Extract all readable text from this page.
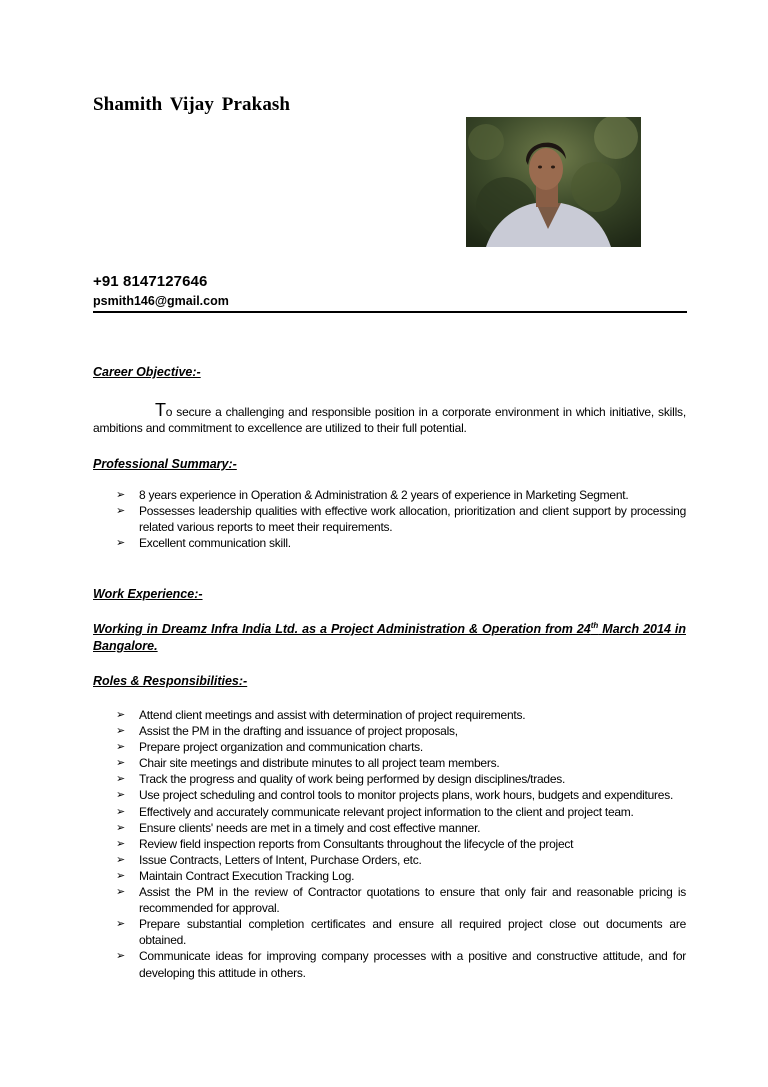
Shamith Vijay Prakash
+91 8147127646
psmith146@gmail.com
Career Objective:-
To secure a challenging and responsible position in a corporate environment in which initiative, skills, ambitions and commitment to excellence are utilized to their full potential.
Professional Summary:-
➢ 8 years experience in Operation & Administration & 2 years of experience in Marketing Segment.
➢ Possesses leadership qualities with effective work allocation, prioritization and client support by processing related various reports to meet their requirements.
➢ Excellent communication skill.
Work Experience:-
Working in Dreamz Infra India Ltd. as a Project Administration & Operation from 24th March 2014 in Bangalore.
Roles & Responsibilities:-
➢ Attend client meetings and assist with determination of project requirements.
➢ Assist the PM in the drafting and issuance of project proposals,
➢ Prepare project organization and communication charts.
➢ Chair site meetings and distribute minutes to all project team members.
➢ Track the progress and quality of work being performed by design disciplines/trades.
➢ Use project scheduling and control tools to monitor projects plans, work hours, budgets and expenditures.
➢ Effectively and accurately communicate relevant project information to the client and project team.
➢ Ensure clients' needs are met in a timely and cost effective manner.
➢ Review field inspection reports from Consultants throughout the lifecycle of the project
➢ Issue Contracts, Letters of Intent, Purchase Orders, etc.
➢ Maintain Contract Execution Tracking Log.
➢ Assist the PM in the review of Contractor quotations to ensure that only fair and reasonable pricing is recommended for approval.
➢ Prepare substantial completion certificates and ensure all required project close out documents are obtained.
➢ Communicate ideas for improving company processes with a positive and constructive attitude, and for developing this attitude in others.
